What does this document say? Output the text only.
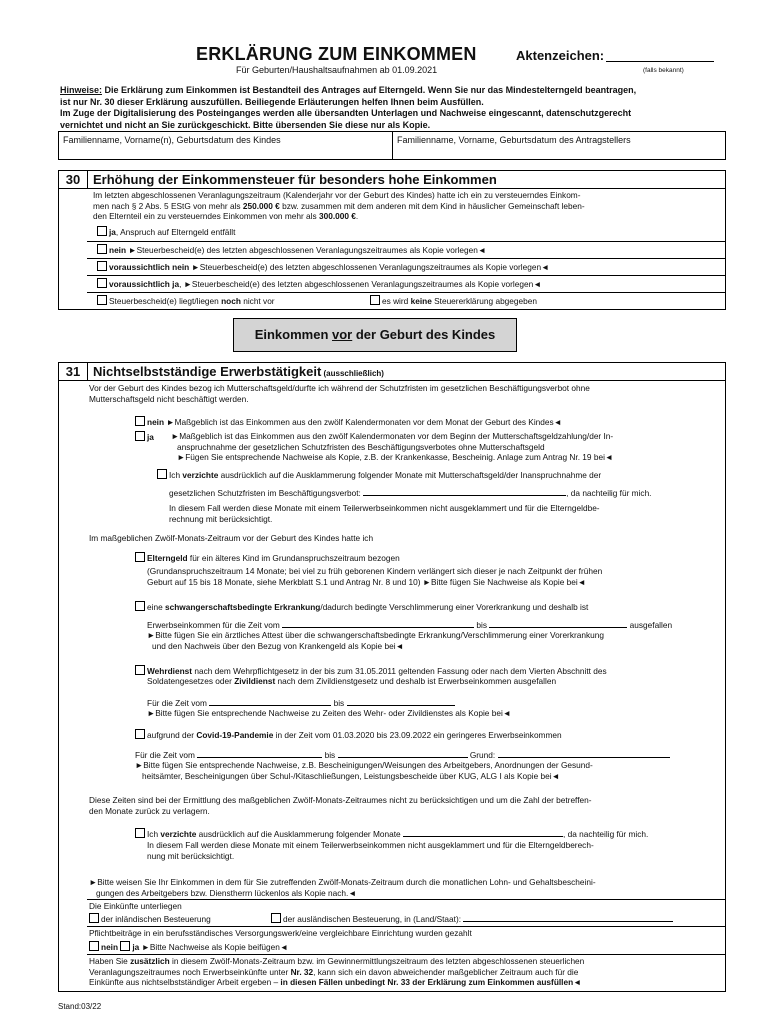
ERKLÄRUNG ZUM EINKOMMEN	Aktenzeichen:
Für Geburten/Haushaltsaufnahmen ab 01.09.2021	(falls bekannt)
Hinweise: Die Erklärung zum Einkommen ist Bestandteil des Antrages auf Elterngeld. Wenn Sie nur das Mindestelterngeld beantragen,
ist nur Nr. 30 dieser Erklärung auszufüllen. Beiliegende Erläuterungen helfen Ihnen beim Ausfüllen.
Im Zuge der Digitalisierung des Posteinganges werden alle übersandten Unterlagen und Nachweise eingescannt, datenschutzgerecht
vernichtet und nicht an Sie zurückgeschickt. Bitte übersenden Sie diese nur als Kopie.
Familienname, Vorname(n), Geburtsdatum des Kindes	Familienname, Vorname, Geburtsdatum des Antragstellers
30 Erhöhung der Einkommensteuer für besonders hohe Einkommen
Im letzten abgeschlossenen Veranlagungszeitraum (Kalenderjahr vor der Geburt des Kindes) hatte ich ein zu versteuerndes Einkom-
men nach § 2 Abs. 5 EStG von mehr als 250.000 € bzw. zusammen mit dem anderen mit dem Kind in häuslicher Gemeinschaft leben-
den Elternteil ein zu versteuerndes Einkommen von mehr als 300.000 €.
ja, Anspruch auf Elterngeld entfällt
nein ►Steuerbescheid(e) des letzten abgeschlossenen Veranlagungszeitraumes als Kopie vorlegen◄
voraussichtlich nein ►Steuerbescheid(e) des letzten abgeschlossenen Veranlagungszeitraumes als Kopie vorlegen◄
voraussichtlich ja, ►Steuerbescheid(e) des letzten abgeschlossenen Veranlagungszeitraumes als Kopie vorlegen◄
Steuerbescheid(e) liegt/liegen noch nicht vor	es wird keine Steuererklärung abgegeben
Einkommen vor der Geburt des Kindes
31 Nichtselbstständige Erwerbstätigkeit (ausschließlich)
Vor der Geburt des Kindes bezog ich Mutterschaftsgeld/durfte ich während der Schutzfristen im gesetzlichen Beschäftigungsverbot ohne
Mutterschaftsgeld nicht beschäftigt werden.
nein ►Maßgeblich ist das Einkommen aus den zwölf Kalendermonaten vor dem Monat der Geburt des Kindes◄
ja ►Maßgeblich ist das Einkommen aus den zwölf Kalendermonaten vor dem Beginn der Mutterschaftsgeldzahlung/der In-
anspruchnahme der gesetzlichen Schutzfristen des Beschäftigungsverbotes ohne Mutterschaftsgeld
►Fügen Sie entsprechende Nachweise als Kopie, z.B. der Krankenkasse, Bescheinig. Anlage zum Antrag Nr. 19 bei◄
Ich verzichte ausdrücklich auf die Ausklammerung folgender Monate mit Mutterschaftsgeld/der Inanspruchnahme der
gesetzlichen Schutzfristen im Beschäftigungsverbot:	, da nachteilig für mich.
In diesem Fall werden diese Monate mit einem Teilerwerbseinkommen nicht ausgeklammert und für die Elterngeldbe-
rechnung mit berücksichtigt.
Im maßgeblichen Zwölf-Monats-Zeitraum vor der Geburt des Kindes hatte ich
Elterngeld für ein älteres Kind im Grundanspruchszeitraum bezogen
(Grundanspruchszeitraum 14 Monate; bei viel zu früh geborenen Kindern verlängert sich dieser je nach Zeitpunkt der frühen
Geburt auf 15 bis 18 Monate, siehe Merkblatt S.1 und Antrag Nr. 8 und 10) ►Bitte fügen Sie Nachweise als Kopie bei◄
eine schwangerschaftsbedingte Erkrankung/dadurch bedingte Verschlimmerung einer Vorerkrankung und deshalb ist
Erwerbseinkommen für die Zeit vom	bis	ausgefallen
►Bitte fügen Sie ein ärztliches Attest über die schwangerschaftsbedingte Erkrankung/Verschlimmerung einer Vorerkrankung
und den Nachweis über den Bezug von Krankengeld als Kopie bei◄
Wehrdienst nach dem Wehrpflichtgesetz in der bis zum 31.05.2011 geltenden Fassung oder nach dem Vierten Abschnitt des
Soldatengesetzes oder Zivildienst nach dem Zivildienstgesetz und deshalb ist Erwerbseinkommen ausgefallen
Für die Zeit vom	bis
►Bitte fügen Sie entsprechende Nachweise zu Zeiten des Wehr- oder Zivildienstes als Kopie bei◄
aufgrund der Covid-19-Pandemie in der Zeit vom 01.03.2020 bis 23.09.2022 ein geringeres Erwerbseinkommen
Für die Zeit vom	bis	Grund:
►Bitte fügen Sie entsprechende Nachweise, z.B. Bescheinigungen/Weisungen des Arbeitgebers, Anordnungen der Gesund-
heitsämter, Bescheinigungen über Schul-/Kitaschließungen, Leistungsbescheide über KUG, ALG I als Kopie bei◄
Diese Zeiten sind bei der Ermittlung des maßgeblichen Zwölf-Monats-Zeitraumes nicht zu berücksichtigen und um die Zahl der betreffen-
den Monate zurück zu verlagern.
Ich verzichte ausdrücklich auf die Ausklammerung folgender Monate	, da nachteilig für mich.
In diesem Fall werden diese Monate mit einem Teilerwerbseinkommen nicht ausgeklammert und für die Elterngeldberech-
nung mit berücksichtigt.
►Bitte weisen Sie Ihr Einkommen in dem für Sie zutreffenden Zwölf-Monats-Zeitraum durch die monatlichen Lohn- und Gehaltsbescheini-
gungen des Arbeitgebers bzw. Dienstherrn lückenlos als Kopie nach.◄
Die Einkünfte unterliegen
der inländischen Besteuerung	der ausländischen Besteuerung, in (Land/Staat):
Pflichtbeiträge in ein berufsständisches Versorgungswerk/eine vergleichbare Einrichtung wurden gezahlt
nein ja ►Bitte Nachweise als Kopie beifügen◄
Haben Sie zusätzlich in diesem Zwölf-Monats-Zeitraum bzw. im Gewinnermittlungszeitraum des letzten abgeschlossenen steuerlichen
Veranlagungszeitraumes noch Erwerbseinkünfte unter Nr. 32, kann sich ein davon abweichender maßgeblicher Zeitraum auch für die
Einkünfte aus nichtselbstständiger Arbeit ergeben – in diesen Fällen unbedingt Nr. 33 der Erklärung zum Einkommen ausfüllen◄
Stand:03/22
